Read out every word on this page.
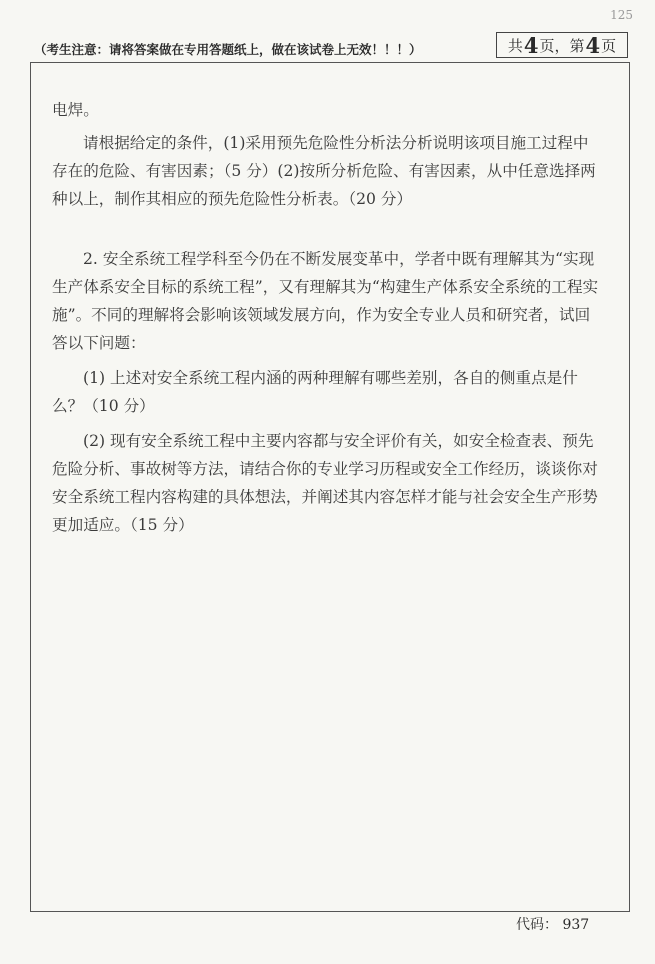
125
（考生注意：请将答案做在专用答题纸上，做在该试卷上无效！！！）	共 4 页，第 4 页

电焊。

请根据给定的条件，(1)采用预先危险性分析法分析说明该项目施工过程中存在的危险、有害因素；（5 分）(2)按所分析危险、有害因素，从中任意选择两种以上，制作其相应的预先危险性分析表。（20 分）

2. 安全系统工程学科至今仍在不断发展变革中，学者中既有理解其为“实现生产体系安全目标的系统工程”，又有理解其为“构建生产体系安全系统的工程实施”。不同的理解将会影响该领域发展方向，作为安全专业人员和研究者，试回答以下问题：

(1) 上述对安全系统工程内涵的两种理解有哪些差别，各自的侧重点是什么？（10 分）

(2) 现有安全系统工程中主要内容都与安全评价有关，如安全检查表、预先危险分析、事故树等方法，请结合你的专业学习历程或安全工作经历，谈谈你对安全系统工程内容构建的具体想法，并阐述其内容怎样才能与社会安全生产形势更加适应。（15 分）

代码： 937
